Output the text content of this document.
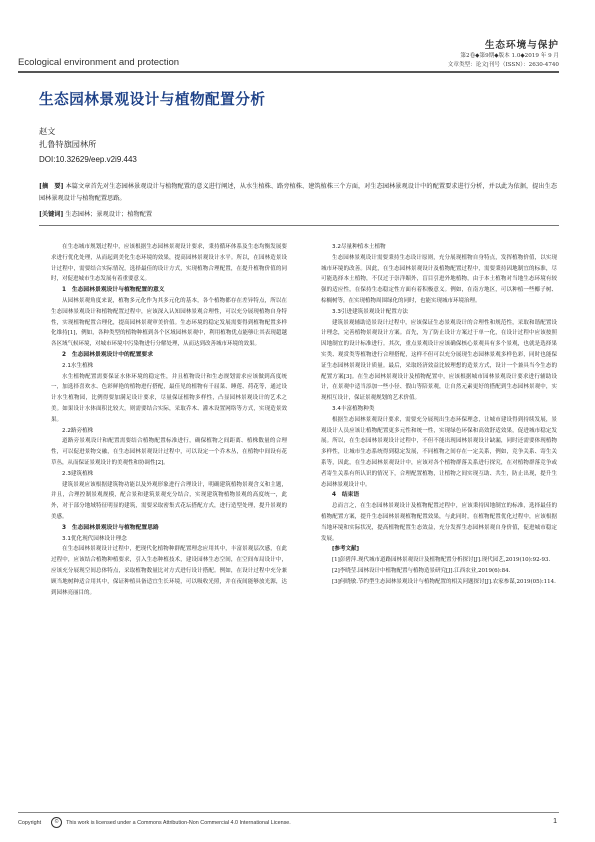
Ecological environment and protection
生态环境与保护
第2卷◆第9期◆版本 1.0◆2019 年 9 月
文章类型：论文|刊号（ISSN）：2630-4740
生态园林景观设计与植物配置分析
赵文
扎鲁特旗园林所
DOI:10.32629/eep.v2i9.443
[摘　要] 本篇文章首先对生态园林景观设计与植物配置的意义进行阐述，从水生植株、路旁植株、建筑植株三个方面，对生态园林景观设计中的配置要求进行分析，并以此为依据，提出生态园林景观设计与植物配置思路。
[关键词] 生态园林；景观设计；植物配置

在生态城市规划过程中，应该根据生态园林景观设计要求，秉持循环体系及生态均衡发展要求进行优化处理，从而起到美化生态环境的效果，提高园林景观设计水平。所以，在园林造景设计过程中，需要结合实际情况，选择最佳的设计方式，实现植物合理配置，在提升植物价值的同时，对促进城市生态发展有着重要意义。

1　生态园林景观设计与植物配置的意义

从园林景观角度来说，植物多元化作为其多元化的基本，各个植物都存在差异特点，所以在生态园林景观设计和植物配置过程中，应该深入认知园林景观合理性，可以充分展现植物自身特性，实现植物配置合理化，提高园林景观审美价值。生态环境的稳定发展需要得到植物配置多样化维持[1]，例如，各种类型的植物种植到各个区域园林景观中，利用植物优点能够让其表现超越各区域气候环境，对城市环境中污染物进行分解处理，从而达到改善城市环境的效果。

2　生态园林景观设计中的配置要求
2.1水生植株

水生植物配置需要保证水体环境的稳定性，并且植物设计和生态规划需求应该做到高度统一，加选择喜欢水、色彩鲜艳的植物进行搭配，最佳见的植物有千屈菜、睡莲、荷花等，通过设计水生植物园，比例得要加满足设计要求，尽量保证植物多样性，凸显园林景观设计的艺术之美。如果设计水体面积比较大，则需要结合实际，采取乔木、灌木设置网络等方式，实现造景效果。

2.2路旁植株

道路旁景观设计和配置需要结合植物配置标准进行，确保植物之间距离、植株数量的合理性，可以促进景物交融，在生态园林景观设计过程中，可以设定一个乔木丛，在植物中间设有花草丛，从而保证景观设计的美观性和协调性[2]。

2.3建筑植株

建筑景观应该根据建筑物功能以及外观形象进行合理设计，明确建筑植物景观含义和主题，并且，合理控制景观规模，配合景和建筑景观充分结合，实现建筑物植物景观的高度统一，此外，对于部分地域特征明显的建筑，需要采取密集式花坛搭配方式，进行造型处理，提升景观的美感。

3　生态园林景观设计与植物配置思路
3.1优化现代园林设计理念

在生态园林景观设计过程中，把现代化植物种群配置理念应用其中，丰富景观层次感，在此过程中，应该结合植物种植要求，引入生态种植技术，建设园林生态空间，在空间布局设计中，应该充分展现空间总体特点，采取植物数量比对方式进行设计搭配。例如，在设计过程中充分兼顾当地树种适合用其中，保证种植具备适宜生长环境，可以吸收光照，并在夜间能够放光源，达到园林亮丽目的。

3.2尽量种植本土植物

生态园林景观设计需要秉持生态设计原则，充分展现植物自身特点，发挥植物价值，以实现城市环境的改善。因此，在生态园林景观设计及植物配置过程中，需要秉持因地制宜的标准，尽可能选择本土植物，不仅过于崇洋媚外，盲目引进外地植物，由于本土植物对当地生态环境有较强的适应性，在保持生态稳定性方面有着积极意义。例如，在南方地区，可以种植一些椰子树、棕榈树等，在实现植物周围绿化的同时，也能实现城市环境治理。

3.3引进建筑景观设计配置方法

建筑景观辅助造景设计过程中，应该保证生态景观设计的合理性和规范性，采取和谐配置设计理念，完善植物景观设计方案。首先，为了防止设计方案过于单一化，在设计过程中应该按照因地制宜的设计标准进行。其次，重点景观设计应该确保核心景观具有多个景观，也就是选择果实类、观赏类等植物进行合理搭配，这样不但可以充分展现生态园林景观多样色彩，同时也能保证生态园林景观设计质量。最后，采取经济效益比较理想的造景方式，设计一个兼具当今生态的配置方案[3]。在生态园林景观设计及植物配置中，应该根据城市园林景观设计要求进行辅助设计，在景观中适当添加一些小径、假山等陪景观，让自然元素更好的搭配到生态园林景观中，实现相互设计，保证景观规划的艺术价值。

3.4丰富植物种类

根据生态园林景观设计要求，需要充分展现出生态环保理念，让城市建设得到持续发展，景观设计人员应该让植物配置更多元性和统一性，实现绿色环保和高效舒适效果，促进城市稳定发展。所以，在生态园林景观设计过程中，不但不能出现园林景观设计缺漏，同时还需要体现植物多样性，让城市生态系统得到稳定发展，不同植物之间存在一定关系，例如，竞争关系、寄生关系等，因此，在生态园林景观设计中，应该对各个植物群落关系进行探究，在对植物群落竞争或者寄生关系有所认识的情况下，合理配置植物，让植物之间实现互助、共生，防止出现，提升生态园林景观设计中。

4　结束语

总而言之，在生态园林景观设计及植物配置过程中，应该秉持因地制宜的标准，选择最佳的植物配置方案，提升生态园林景观植物配置效果，与此同时，在植物配置优化过程中，应该根据当地环境和实际状况，提高植物配置生态效益，充分发挥生态园林景观自身价值，促进城市稳定发展。

[参考文献]
[1]彭碧萍.现代城市道路园林景观设计及植物配置分析探讨[J].现代园艺,2019(10):92-93.
[2]李晓莹.园林设计中植物配置与植物造景研究[J].江西农业,2019(6):84.
[3]何晓敏.节约型生态园林景观设计与植物配置的相关问题探讨[J].农家参谋,2019(05):114.
Copyright	© This work is licensed under a Commons Attribution-Non Commercial 4.0 International License.	1
